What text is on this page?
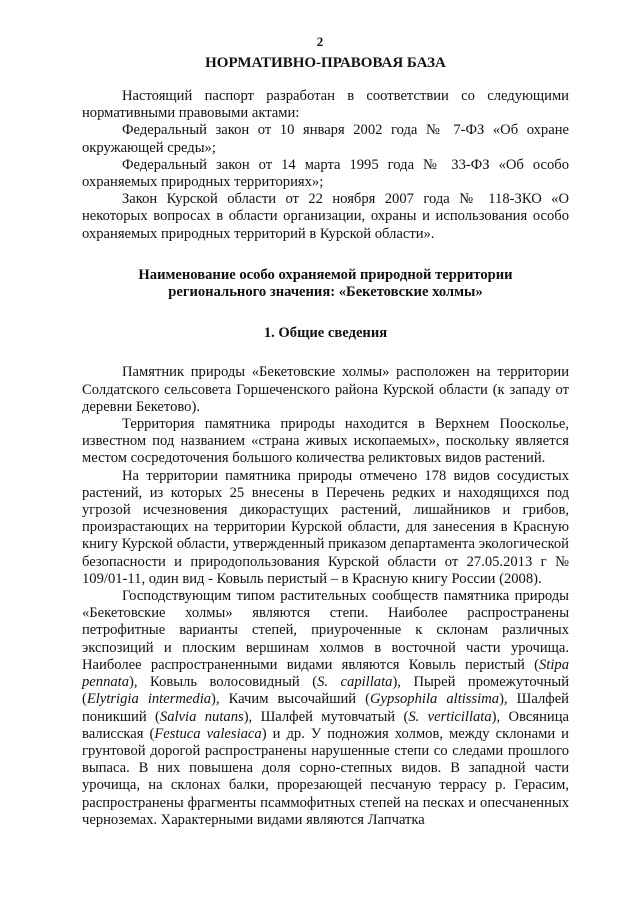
2
НОРМАТИВНО-ПРАВОВАЯ БАЗА

Настоящий паспорт разработан в соответствии со следующими нормативными правовыми актами:

Федеральный закон от 10 января 2002 года № 7-ФЗ «Об охране окружающей среды»;

Федеральный закон от 14 марта 1995 года № 33-ФЗ «Об особо охраняемых природных территориях»;

Закон Курской области от 22 ноября 2007 года № 118-ЗКО «О некоторых вопросах в области организации, охраны и использования особо охраняемых природных территорий в Курской области».

Наименование особо охраняемой природной территории
регионального значения: «Бекетовские холмы»
1. Общие сведения

Памятник природы «Бекетовские холмы» расположен на территории Солдатского сельсовета Горшеченского района Курской области (к западу от деревни Бекетово).

Территория памятника природы находится в Верхнем Поосколье, известном под названием «страна живых ископаемых», поскольку является местом сосредоточения большого количества реликтовых видов растений.

На территории памятника природы отмечено 178 видов сосудистых растений, из которых 25 внесены в Перечень редких и находящихся под угрозой исчезновения дикорастущих растений, лишайников и грибов, произрастающих на территории Курской области, для занесения в Красную книгу Курской области, утвержденный приказом департамента экологической безопасности и природопользования Курской области от 27.05.2013 г № 109/01-11, один вид - Ковыль перистый – в Красную книгу России (2008).

Господствующим типом растительных сообществ памятника природы «Бекетовские холмы» являются степи. Наиболее распространены петрофитные варианты степей, приуроченные к склонам различных экспозиций и плоским вершинам холмов в восточной части урочища. Наиболее распространенными видами являются Ковыль перистый (Stipa pennata), Ковыль волосовидный (S. capillata), Пырей промежуточный (Elytrigia intermedia), Качим высочайший (Gypsophila altissima), Шалфей поникший (Salvia nutans), Шалфей мутовчатый (S. verticillata), Овсяница валисская (Festuca valesiaca) и др. У подножия холмов, между склонами и грунтовой дорогой распространены нарушенные степи со следами прошлого выпаса. В них повышена доля сорно-степных видов. В западной части урочища, на склонах балки, прорезающей песчаную террасу р. Герасим, распространены фрагменты псаммофитных степей на песках и опесчаненных черноземах. Характерными видами являются Лапчатка
